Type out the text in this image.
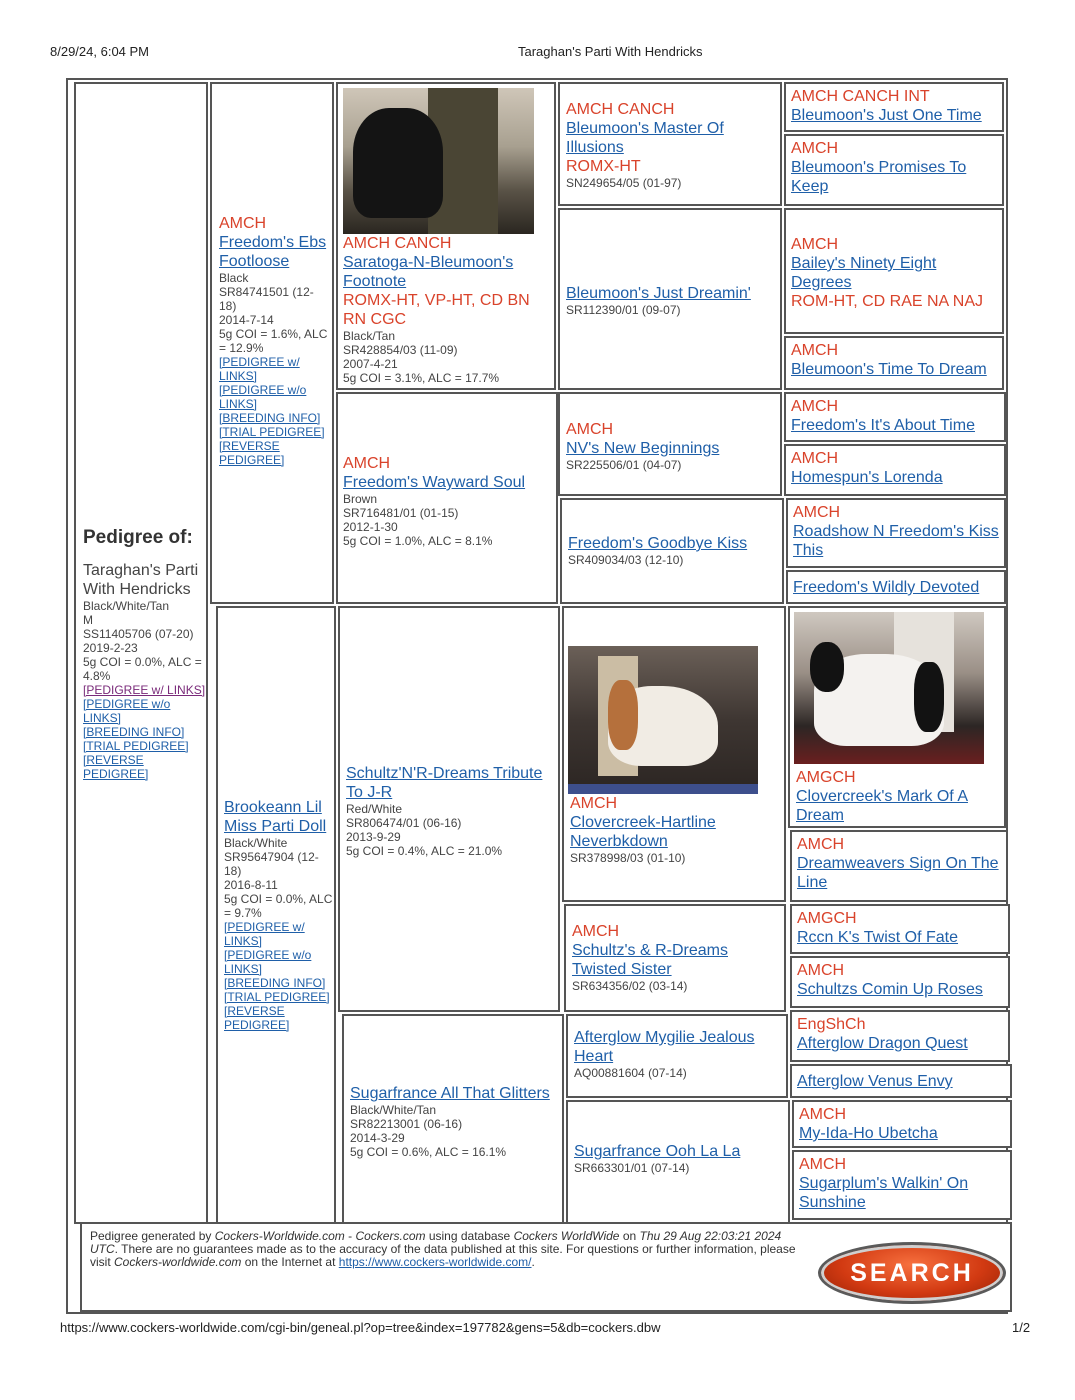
8/29/24, 6:04 PM	Taraghan's Parti With Hendricks
Pedigree of:
Taraghan's Parti With Hendricks
Black/White/Tan
M
SS11405706 (07-20)
2019-2-23
5g COI = 0.0%, ALC = 4.8%
[PEDIGREE w/ LINKS]
[PEDIGREE w/o LINKS]
[BREEDING INFO]
[TRIAL PEDIGREE]
[REVERSE PEDIGREE]
AMCH
Freedom's Ebs Footloose
Black
SR84741501 (12-18)
2014-7-14
5g COI = 1.6%, ALC = 12.9%
[PEDIGREE w/ LINKS]
[PEDIGREE w/o LINKS]
[BREEDING INFO]
[TRIAL PEDIGREE]
[REVERSE PEDIGREE]
Brookeann Lil Miss Parti Doll
Black/White
SR95647904 (12-18)
2016-8-11
5g COI = 0.0%, ALC = 9.7%
[PEDIGREE w/ LINKS]
[PEDIGREE w/o LINKS]
[BREEDING INFO]
[TRIAL PEDIGREE]
[REVERSE PEDIGREE]
AMCH CANCH
Saratoga-N-Bleumoon's Footnote
ROMX-HT, VP-HT, CD BN RN CGC
Black/Tan
SR428854/03 (11-09)
2007-4-21
5g COI = 3.1%, ALC = 17.7%
AMCH
Freedom's Wayward Soul
Brown
SR716481/01 (01-15)
2012-1-30
5g COI = 1.0%, ALC = 8.1%
Schultz'N'R-Dreams Tribute To J-R
Red/White
SR806474/01 (06-16)
2013-9-29
5g COI = 0.4%, ALC = 21.0%
Sugarfrance All That Glitters
Black/White/Tan
SR82213001 (06-16)
2014-3-29
5g COI = 0.6%, ALC = 16.1%
AMCH CANCH
Bleumoon's Master Of Illusions
ROMX-HT
SN249654/05 (01-97)
Bleumoon's Just Dreamin'
SR112390/01 (09-07)
AMCH
NV's New Beginnings
SR225506/01 (04-07)
Freedom's Goodbye Kiss
SR409034/03 (12-10)
AMCH
Clovercreek-Hartline Neverbkdown
SR378998/03 (01-10)
AMCH
Schultz's & R-Dreams Twisted Sister
SR634356/02 (03-14)
Afterglow Mygilie Jealous Heart
AQ00881604 (07-14)
Sugarfrance Ooh La La
SR663301/01 (07-14)
AMCH CANCH INT
Bleumoon's Just One Time
AMCH
Bleumoon's Promises To Keep
AMCH
Bailey's Ninety Eight Degrees
ROM-HT, CD RAE NA NAJ
AMCH
Bleumoon's Time To Dream
AMCH
Freedom's It's About Time
AMCH
Homespun's Lorenda
AMCH
Roadshow N Freedom's Kiss This
Freedom's Wildly Devoted
AMGCH
Clovercreek's Mark Of A Dream
AMCH
Dreamweavers Sign On The Line
AMGCH
Rccn K's Twist Of Fate
AMCH
Schultzs Comin Up Roses
EngShCh
Afterglow Dragon Quest
Afterglow Venus Envy
AMCH
My-Ida-Ho Ubetcha
AMCH
Sugarplum's Walkin' On Sunshine
Pedigree generated by Cockers-Worldwide.com - Cockers.com using database Cockers WorldWide on Thu 29 Aug 22:03:21 2024 UTC. There are no guarantees made as to the accuracy of the data published at this site. For questions or further information, please visit Cockers-worldwide.com on the Internet at https://www.cockers-worldwide.com/.	SEARCH
https://www.cockers-worldwide.com/cgi-bin/geneal.pl?op=tree&index=197782&gens=5&db=cockers.dbw	1/2
